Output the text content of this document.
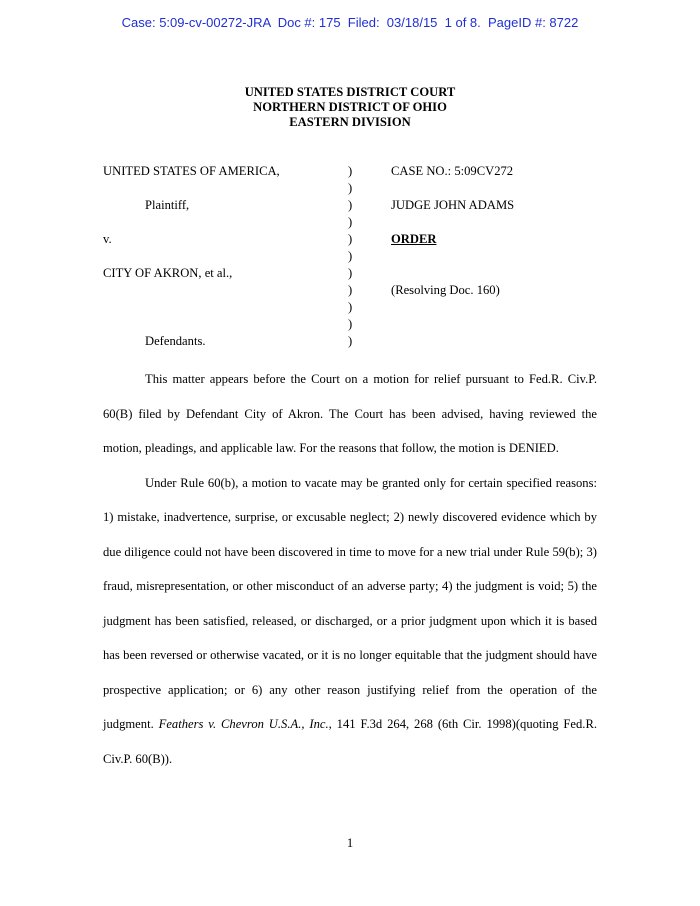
Case: 5:09-cv-00272-JRA  Doc #: 175  Filed:  03/18/15  1 of 8.  PageID #: 8722
UNITED STATES DISTRICT COURT
NORTHERN DISTRICT OF OHIO
EASTERN DIVISION
UNITED STATES OF AMERICA,
Plaintiff,
v.
CITY OF AKRON, et al.,
Defendants.
)
)
)
)
)
)
)
)
)
)
)
CASE NO.: 5:09CV272
JUDGE JOHN ADAMS
ORDER
(Resolving Doc. 160)

This matter appears before the Court on a motion for relief pursuant to Fed.R. Civ.P. 60(B) filed by Defendant City of Akron. The Court has been advised, having reviewed the motion, pleadings, and applicable law. For the reasons that follow, the motion is DENIED.

Under Rule 60(b), a motion to vacate may be granted only for certain specified reasons: 1) mistake, inadvertence, surprise, or excusable neglect; 2) newly discovered evidence which by due diligence could not have been discovered in time to move for a new trial under Rule 59(b); 3) fraud, misrepresentation, or other misconduct of an adverse party; 4) the judgment is void; 5) the judgment has been satisfied, released, or discharged, or a prior judgment upon which it is based has been reversed or otherwise vacated, or it is no longer equitable that the judgment should have prospective application; or 6) any other reason justifying relief from the operation of the judgment. Feathers v. Chevron U.S.A., Inc., 141 F.3d 264, 268 (6th Cir. 1998)(quoting Fed.R. Civ.P. 60(B)).

1
